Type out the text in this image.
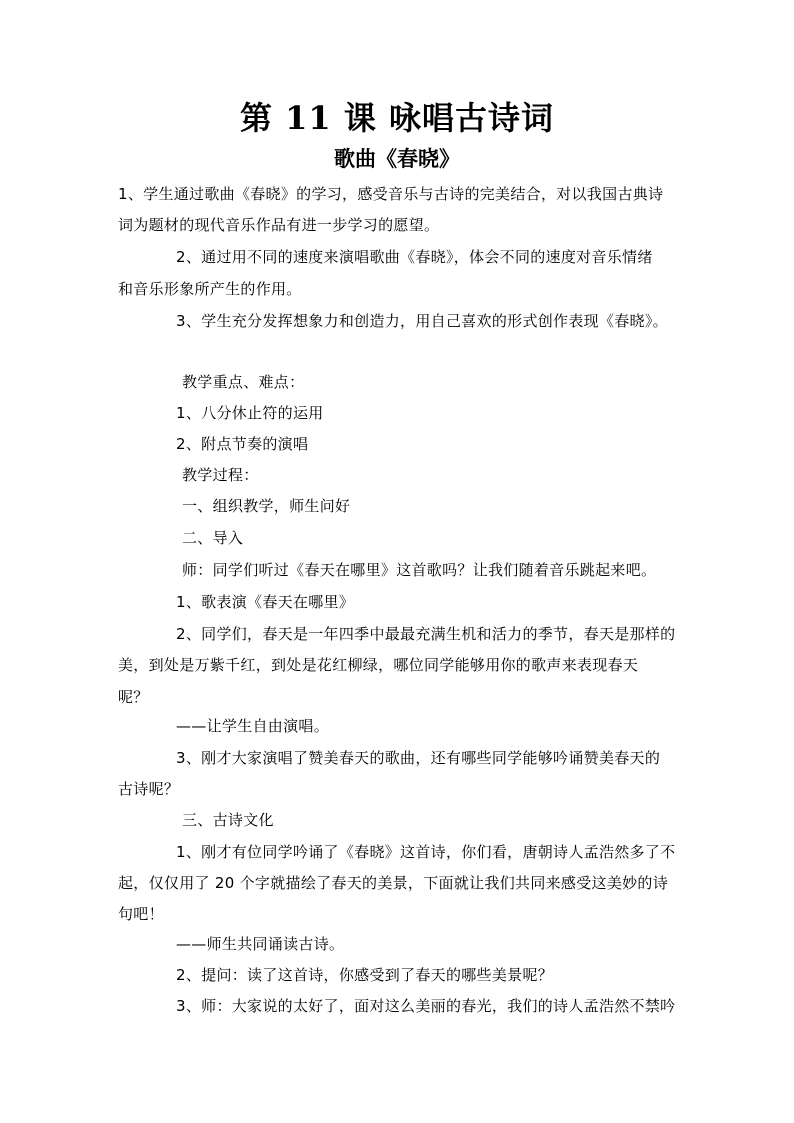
第 11 课 咏唱古诗词
歌曲《春晓》
1、学生通过歌曲《春晓》的学习，感受音乐与古诗的完美结合，对以我国古典诗
词为题材的现代音乐作品有进一步学习的愿望。
2、通过用不同的速度来演唱歌曲《春晓》，体会不同的速度对音乐情绪
和音乐形象所产生的作用。
3、学生充分发挥想象力和创造力，用自己喜欢的形式创作表现《春晓》。
教学重点、难点：
1、八分休止符的运用
2、附点节奏的演唱
教学过程：
一、组织教学，师生问好
二、导入
师：同学们听过《春天在哪里》这首歌吗？让我们随着音乐跳起来吧。
1、歌表演《春天在哪里》
2、同学们，春天是一年四季中最最充满生机和活力的季节，春天是那样的
美，到处是万紫千红，到处是花红柳绿，哪位同学能够用你的歌声来表现春天
呢？
——让学生自由演唱。
3、刚才大家演唱了赞美春天的歌曲，还有哪些同学能够吟诵赞美春天的
古诗呢？
三、古诗文化
1、刚才有位同学吟诵了《春晓》这首诗，你们看，唐朝诗人孟浩然多了不
起，仅仅用了 20 个字就描绘了春天的美景，下面就让我们共同来感受这美妙的诗
句吧！
——师生共同诵读古诗。
2、提问：读了这首诗，你感受到了春天的哪些美景呢？
3、师：大家说的太好了，面对这么美丽的春光，我们的诗人孟浩然不禁吟
